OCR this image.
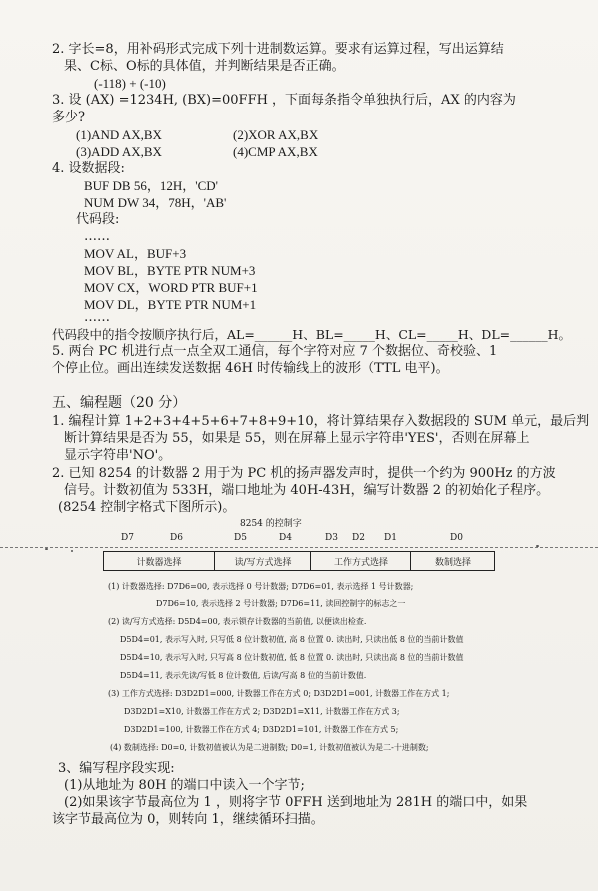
2. 字长=8，用补码形式完成下列十进制数运算。要求有运算过程，写出运算结
果、C标、O标的具体值，并判断结果是否正确。
(-118) + (-10)
3. 设 (AX) =1234H, (BX)=00FFH ，下面每条指令单独执行后，AX 的内容为
多少?
(1)AND AX,BX	(2)XOR AX,BX
(3)ADD AX,BX	(4)CMP AX,BX
4. 设数据段:
BUF DB 56，12H，'CD'
NUM DW 34，78H，'AB'
代码段:
……
MOV AL，BUF+3
MOV BL，BYTE PTR NUM+3
MOV CX，WORD PTR BUF+1
MOV DL，BYTE PTR NUM+1
……
代码段中的指令按顺序执行后，AL=______H、BL=_____H、CL=_____H、DL=______H。
5. 两台 PC 机进行点一点全双工通信，每个字符对应 7 个数据位、奇校验、1
个停止位。画出连续发送数据 46H 时传输线上的波形（TTL 电平)。
五、编程题（20 分）
1. 编程计算 1+2+3+4+5+6+7+8+9+10，将计算结果存入数据段的 SUM 单元，最后判
断计算结果是否为 55，如果是 55，则在屏幕上显示字符串'YES'，否则在屏幕上
显示字符串'NO'。
2. 已知 8254 的计数器 2 用于为 PC 机的扬声器发声时，提供一个约为 900Hz 的方波
信号。计数初值为 533H，端口地址为 40H-43H，编写计数器 2 的初始化子程序。
(8254 控制字格式下图所示)。
8254 的控制字
D7	D6	D5	D4	D3 D2 D1	D0
计数器选择	读/写方式选择	工作方式选择	数制选择
(1) 计数器选择: D7D6=00, 表示选择 0 号计数器; D7D6=01, 表示选择 1 号计数器;
D7D6=10, 表示选择 2 号计数器; D7D6=11, 读回控制字的标志之一
(2) 读/写方式选择: D5D4=00, 表示锁存计数器的当前值, 以便读出检查.
D5D4=01, 表示写入时, 只写低 8 位计数初值, 高 8 位置 0. 读出时, 只读出低 8 位的当前计数值
D5D4=10, 表示写入时, 只写高 8 位计数初值, 低 8 位置 0. 读出时, 只读出高 8 位的当前计数值
D5D4=11, 表示先读/写低 8 位计数值, 后读/写高 8 位的当前计数值.
(3) 工作方式选择: D3D2D1=000, 计数器工作在方式 0; D3D2D1=001, 计数器工作在方式 1;
D3D2D1=X10, 计数器工作在方式 2; D3D2D1=X11, 计数器工作在方式 3;
D3D2D1=100, 计数器工作在方式 4; D3D2D1=101, 计数器工作在方式 5;
(4) 数制选择: D0=0, 计数初值被认为是二进制数; D0=1, 计数初值被认为是二-十进制数;
3、编写程序段实现:
(1)从地址为 80H 的端口中读入一个字节;
(2)如果该字节最高位为 1 ，则将字节 0FFH 送到地址为 281H 的端口中，如果
该字节最高位为 0，则转向 1，继续循环扫描。
